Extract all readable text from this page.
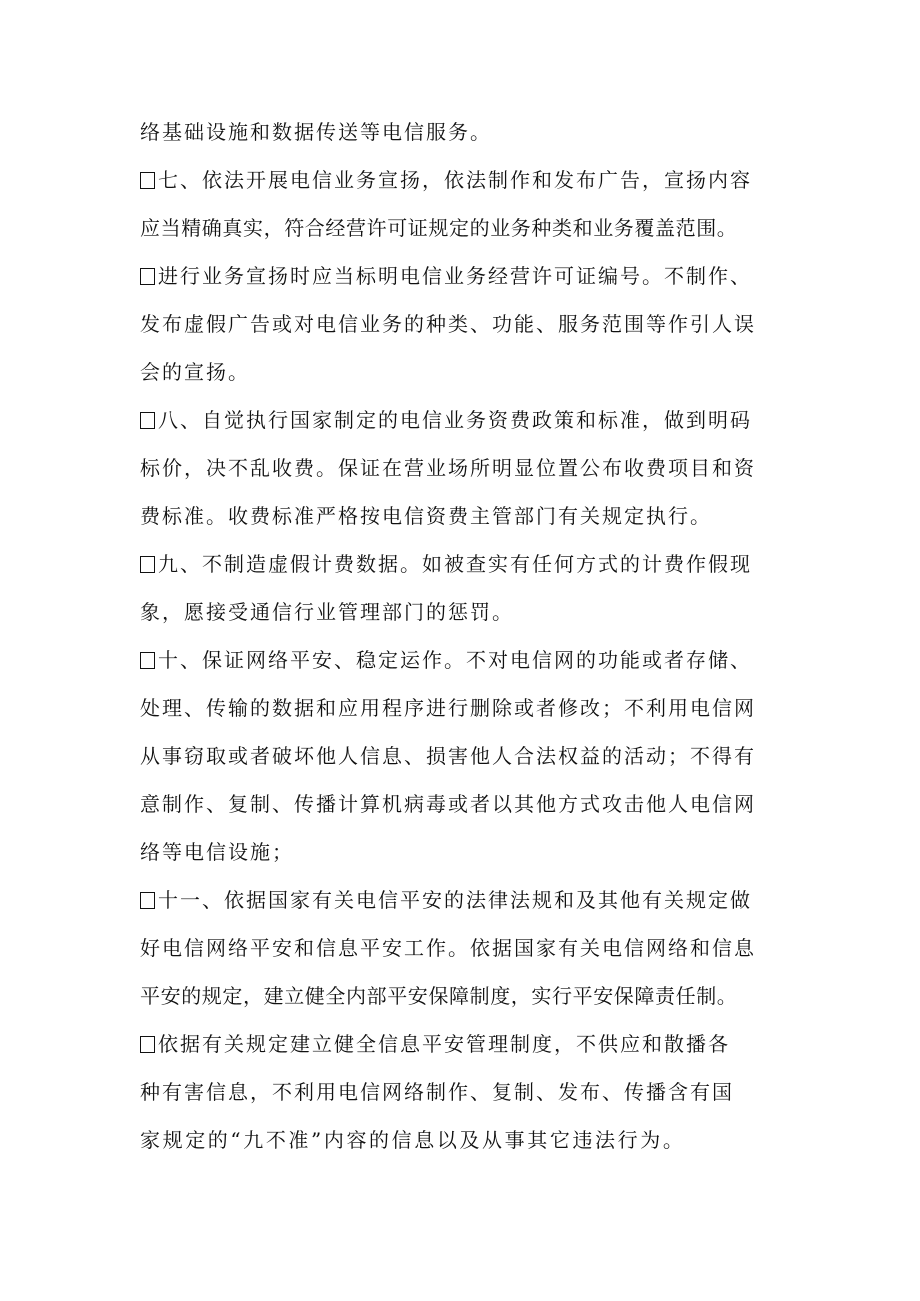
络基础设施和数据传送等电信服务。
七、依法开展电信业务宣扬，依法制作和发布广告，宣扬内容
应当精确真实，符合经营许可证规定的业务种类和业务覆盖范围。
进行业务宣扬时应当标明电信业务经营许可证编号。不制作、
发布虚假广告或对电信业务的种类、功能、服务范围等作引人误
会的宣扬。
八、自觉执行国家制定的电信业务资费政策和标准，做到明码
标价，决不乱收费。保证在营业场所明显位置公布收费项目和资
费标准。收费标准严格按电信资费主管部门有关规定执行。
九、不制造虚假计费数据。如被查实有任何方式的计费作假现
象，愿接受通信行业管理部门的惩罚。
十、保证网络平安、稳定运作。不对电信网的功能或者存储、
处理、传输的数据和应用程序进行删除或者修改；不利用电信网
从事窃取或者破坏他人信息、损害他人合法权益的活动；不得有
意制作、复制、传播计算机病毒或者以其他方式攻击他人电信网
络等电信设施；
十一、依据国家有关电信平安的法律法规和及其他有关规定做
好电信网络平安和信息平安工作。依据国家有关电信网络和信息
平安的规定，建立健全内部平安保障制度，实行平安保障责任制。
依据有关规定建立健全信息平安管理制度，不供应和散播各
种有害信息，不利用电信网络制作、复制、发布、传播含有国
家规定的“九不准”内容的信息以及从事其它违法行为。
